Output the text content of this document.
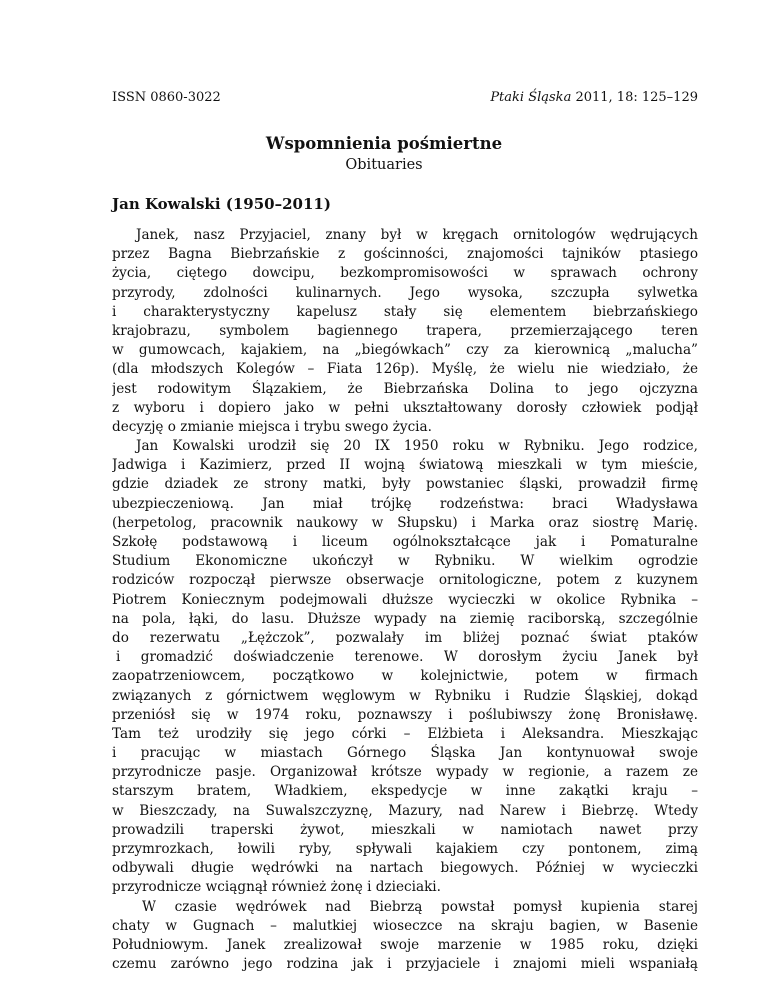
ISSN 0860-3022	Ptaki Śląska 2011, 18: 125–129
Wspomnienia pośmiertne
Obituaries
Jan Kowalski (1950–2011)
Janek, nasz Przyjaciel, znany był w kręgach ornitologów wędrujących
przez Bagna Biebrzańskie z gościnności, znajomości tajników ptasiego
życia, ciętego dowcipu, bezkompromisowości w sprawach ochrony
przyrody, zdolności kulinarnych. Jego wysoka, szczupła sylwetka
i charakterystyczny kapelusz stały się elementem biebrzańskiego
krajobrazu, symbolem bagiennego trapera, przemierzającego teren
w gumowcach, kajakiem, na „biegówkach” czy za kierownicą „malucha”
(dla młodszych Kolegów – Fiata 126p). Myślę, że wielu nie wiedziało, że
jest rodowitym Ślązakiem, że Biebrzańska Dolina to jego ojczyzna
z wyboru i dopiero jako w pełni ukształtowany dorosły człowiek podjął
decyzję o zmianie miejsca i trybu swego życia.
Jan Kowalski urodził się 20 IX 1950 roku w Rybniku. Jego rodzice,
Jadwiga i Kazimierz, przed II wojną światową mieszkali w tym mieście,
gdzie dziadek ze strony matki, były powstaniec śląski, prowadził firmę
ubezpieczeniową. Jan miał trójkę rodzeństwa: braci Władysława
(herpetolog, pracownik naukowy w Słupsku) i Marka oraz siostrę Marię.
Szkołę podstawową i liceum ogólnokształcące jak i Pomaturalne
Studium Ekonomiczne ukończył w Rybniku. W wielkim ogrodzie
rodziców rozpoczął pierwsze obserwacje ornitologiczne, potem z kuzynem
Piotrem Koniecznym podejmowali dłuższe wycieczki w okolice Rybnika –
na pola, łąki, do lasu. Dłuższe wypady na ziemię raciborską, szczególnie
do rezerwatu „Łężczok”, pozwalały im bliżej poznać świat ptaków
i gromadzić doświadczenie terenowe. W dorosłym życiu Janek był
zaopatrzeniowcem, początkowo w kolejnictwie, potem w firmach
związanych z górnictwem węglowym w Rybniku i Rudzie Śląskiej, dokąd
przeniósł się w 1974 roku, poznawszy i poślubiwszy żonę Bronisławę.
Tam też urodziły się jego córki – Elżbieta i Aleksandra. Mieszkając
i pracując w miastach Górnego Śląska Jan kontynuował swoje
przyrodnicze pasje. Organizował krótsze wypady w regionie, a razem ze
starszym bratem, Władkiem, ekspedycje w inne zakątki kraju –
w Bieszczady, na Suwalszczyznę, Mazury, nad Narew i Biebrzę. Wtedy
prowadzili traperski żywot, mieszkali w namiotach nawet przy
przymrozkach, łowili ryby, spływali kajakiem czy pontonem, zimą
odbywali długie wędrówki na nartach biegowych. Później w wycieczki
przyrodnicze wciągnął również żonę i dzieciaki.
W czasie wędrówek nad Biebrzą powstał pomysł kupienia starej
chaty w Gugnach – malutkiej wioseczce na skraju bagien, w Basenie
Południowym. Janek zrealizował swoje marzenie w 1985 roku, dzięki
czemu zarówno jego rodzina jak i przyjaciele i znajomi mieli wspaniałą
